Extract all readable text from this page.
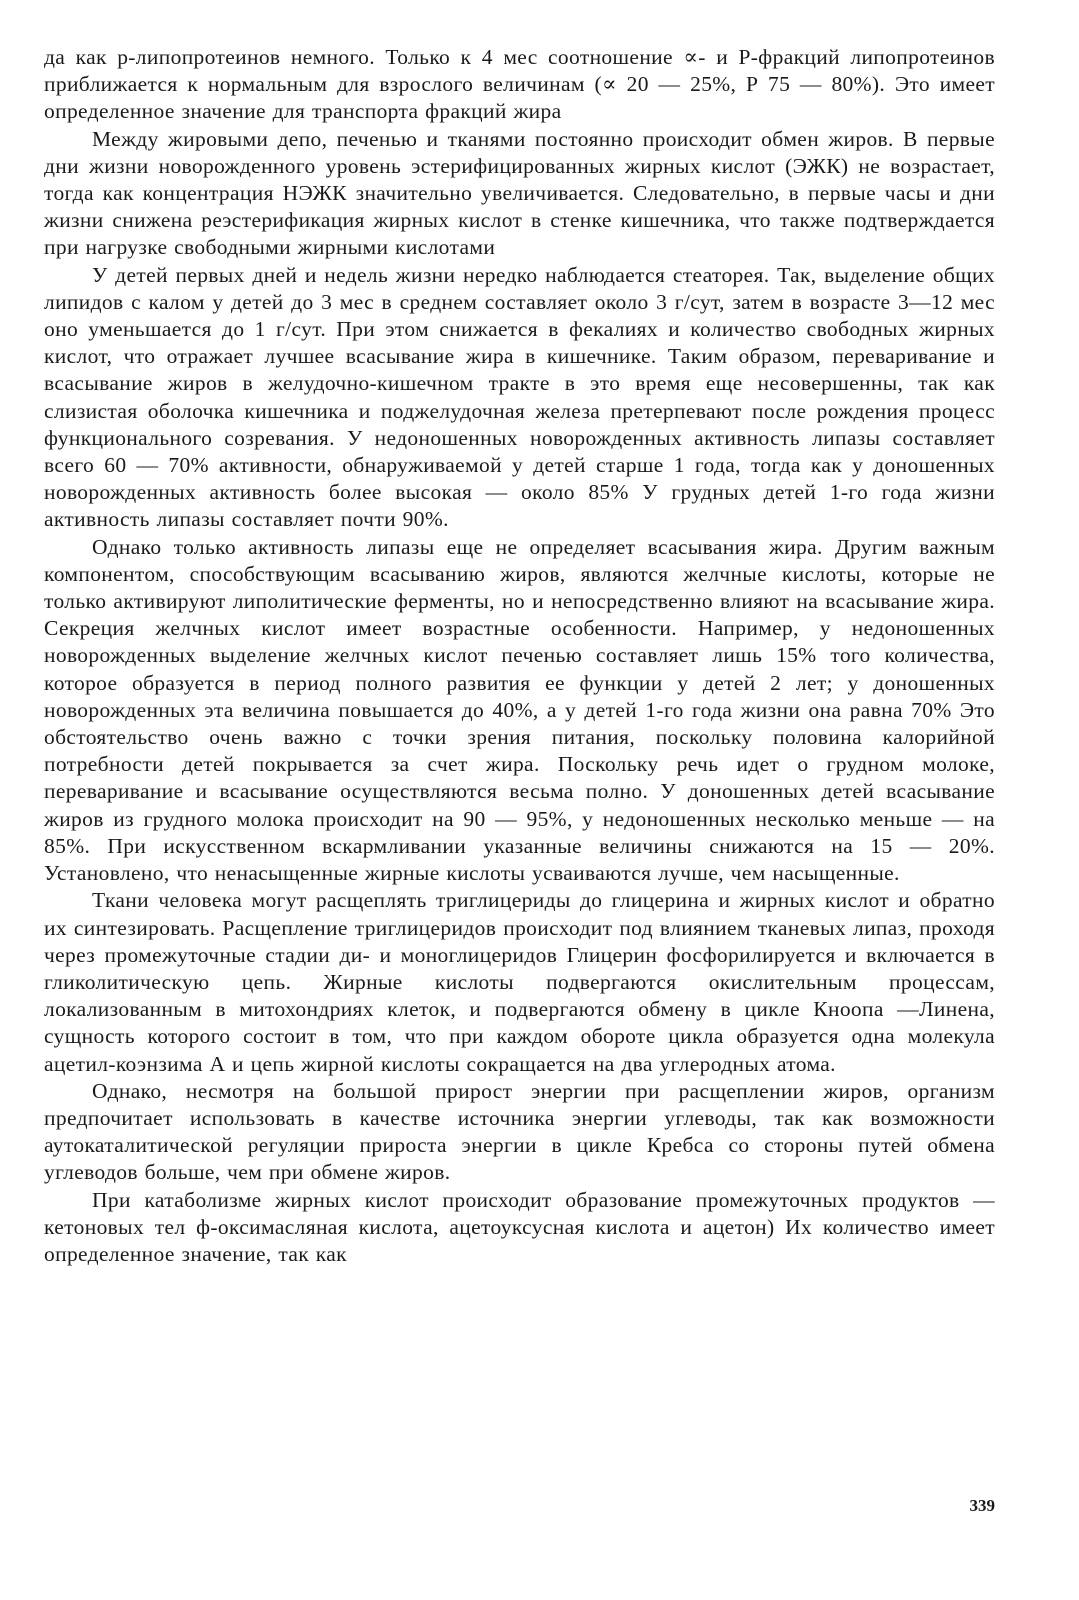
да как р-липопротеинов немного. Только к 4 мес соотношение ∝- и Р-фракций липопротеинов приближается к нормальным для взрослого величинам (∝ 20 — 25%, Р 75 — 80%). Это имеет определенное значение для транспорта фракций жира

Между жировыми депо, печенью и тканями постоянно происходит обмен жиров. В первые дни жизни новорожденного уровень эстерифицированных жирных кислот (ЭЖК) не возрастает, тогда как концентрация НЭЖК значительно увеличивается. Следовательно, в первые часы и дни жизни снижена реэстерификация жирных кислот в стенке кишечника, что также подтверждается при нагрузке свободными жирными кислотами

У детей первых дней и недель жизни нередко наблюдается стеаторея. Так, выделение общих липидов с калом у детей до 3 мес в среднем составляет около 3 г/сут, затем в возрасте 3—12 мес оно уменьшается до 1 г/сут. При этом снижается в фекалиях и количество свободных жирных кислот, что отражает лучшее всасывание жира в кишечнике. Таким образом, переваривание и всасывание жиров в желудочно-кишечном тракте в это время еще несовершенны, так как слизистая оболочка кишечника и поджелудочная железа претерпевают после рождения процесс функционального созревания. У недоношенных новорожденных активность липазы составляет всего 60 — 70% активности, обнаруживаемой у детей старше 1 года, тогда как у доношенных новорожденных активность более высокая — около 85% У грудных детей 1-го года жизни активность липазы составляет почти 90%.

Однако только активность липазы еще не определяет всасывания жира. Другим важным компонентом, способствующим всасыванию жиров, являются желчные кислоты, которые не только активируют липолитические ферменты, но и непосредственно влияют на всасывание жира. Секреция желчных кислот имеет возрастные особенности. Например, у недоношенных новорожденных выделение желчных кислот печенью составляет лишь 15% того количества, которое образуется в период полного развития ее функции у детей 2 лет; у доношенных новорожденных эта величина повышается до 40%, а у детей 1-го года жизни она равна 70% Это обстоятельство очень важно с точки зрения питания, поскольку половина калорийной потребности детей покрывается за счет жира. Поскольку речь идет о грудном молоке, переваривание и всасывание осуществляются весьма полно. У доношенных детей всасывание жиров из грудного молока происходит на 90 — 95%, у недоношенных несколько меньше — на 85%. При искусственном вскармливании указанные величины снижаются на 15 — 20%. Установлено, что ненасыщенные жирные кислоты усваиваются лучше, чем насыщенные.

Ткани человека могут расщеплять триглицериды до глицерина и жирных кислот и обратно их синтезировать. Расщепление триглицеридов происходит под влиянием тканевых липаз, проходя через промежуточные стадии ди- и моноглицеридов Глицерин фосфорилируется и включается в гликолитическую цепь. Жирные кислоты подвергаются окислительным процессам, локализованным в митохондриях клеток, и подвергаются обмену в цикле Кноопа —Линена, сущность которого состоит в том, что при каждом обороте цикла образуется одна молекула ацетил-коэнзима А и цепь жирной кислоты сокращается на два углеродных атома.

Однако, несмотря на большой прирост энергии при расщеплении жиров, организм предпочитает использовать в качестве источника энергии углеводы, так как возможности аутокаталитической регуляции прироста энергии в цикле Кребса со стороны путей обмена углеводов больше, чем при обмене жиров.

При катаболизме жирных кислот происходит образование промежуточных продуктов — кетоновых тел ф-оксимасляная кислота, ацетоуксусная кислота и ацетон) Их количество имеет определенное значение, так как

339
